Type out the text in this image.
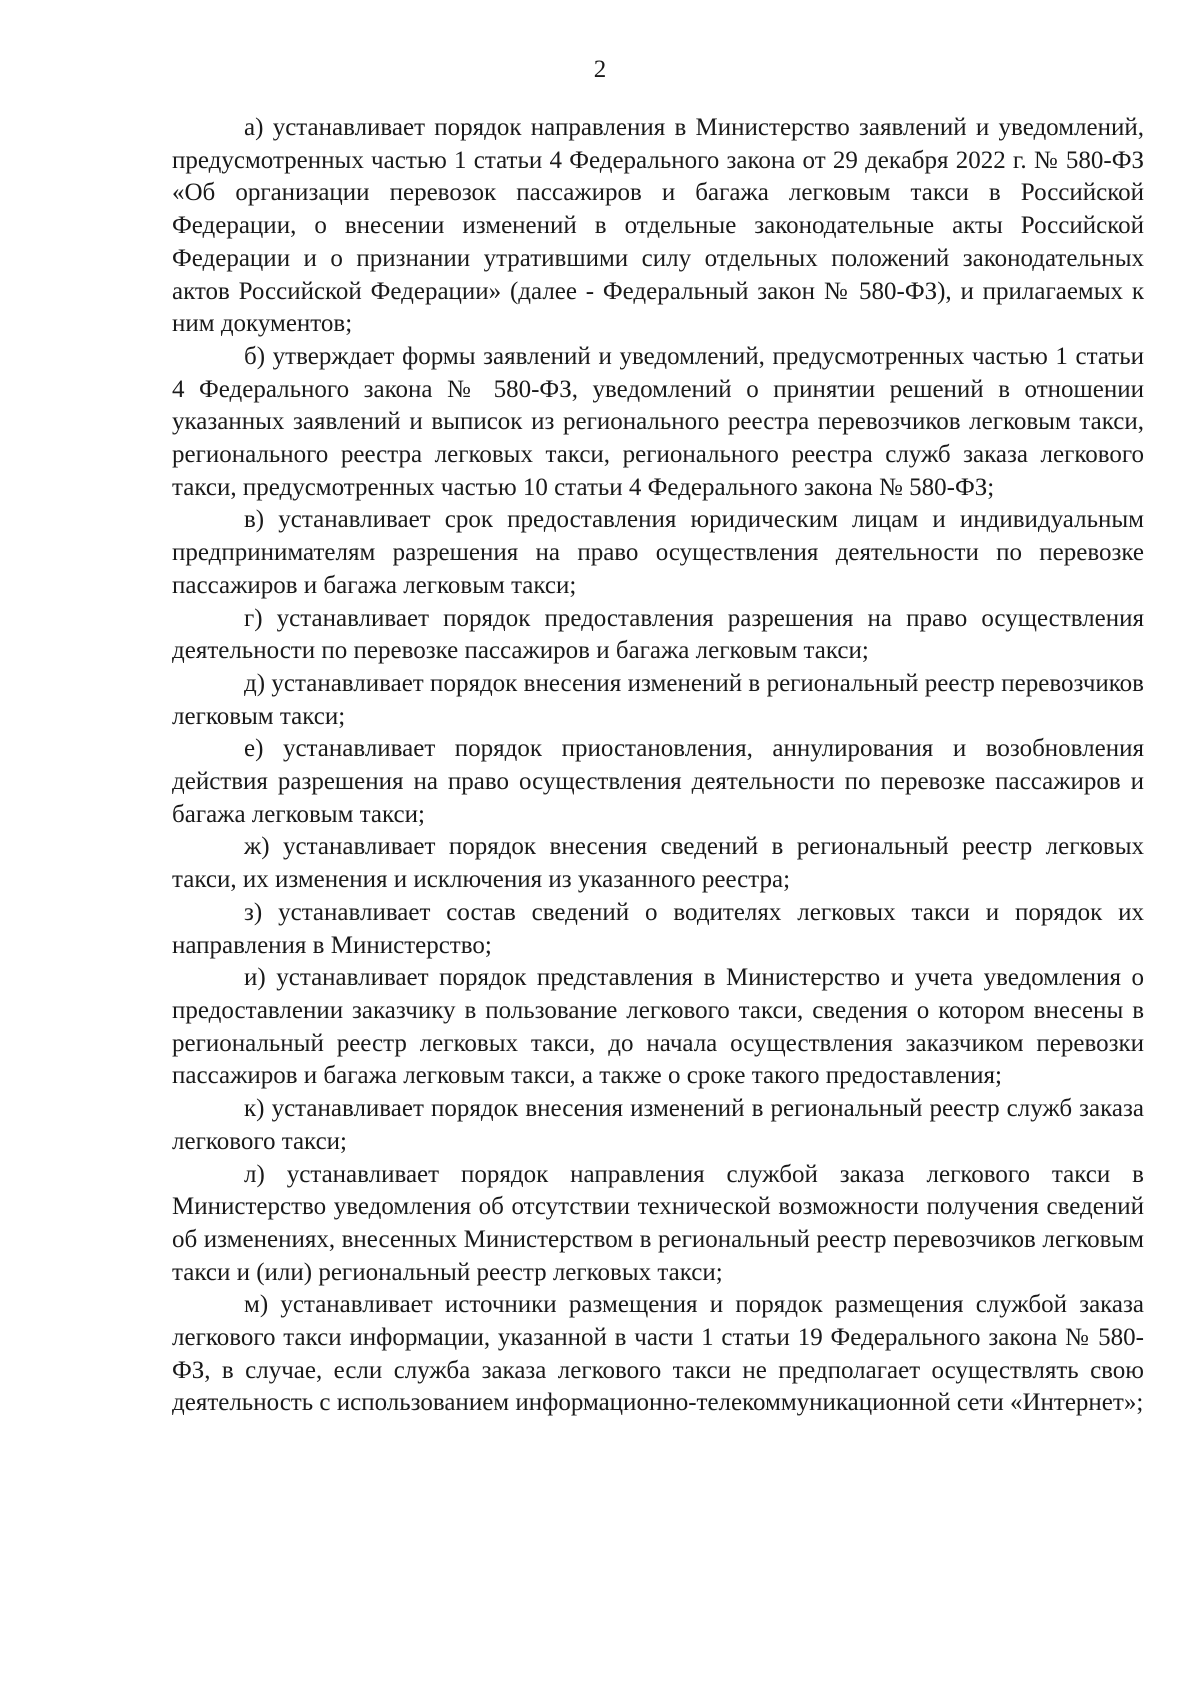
2

а) устанавливает порядок направления в Министерство заявлений и уведомлений, предусмотренных частью 1 статьи 4 Федерального закона от 29 декабря 2022 г. № 580-ФЗ «Об организации перевозок пассажиров и багажа легковым такси в Российской Федерации, о внесении изменений в отдельные законодательные акты Российской Федерации и о признании утратившими силу отдельных положений законодательных актов Российской Федерации» (далее - Федеральный закон № 580-ФЗ), и прилагаемых к ним документов;

б) утверждает формы заявлений и уведомлений, предусмотренных частью 1 статьи 4 Федерального закона № 580-ФЗ, уведомлений о принятии решений в отношении указанных заявлений и выписок из регионального реестра перевозчиков легковым такси, регионального реестра легковых такси, регионального реестра служб заказа легкового такси, предусмотренных частью 10 статьи 4 Федерального закона № 580-ФЗ;

в) устанавливает срок предоставления юридическим лицам и индивидуальным предпринимателям разрешения на право осуществления деятельности по перевозке пассажиров и багажа легковым такси;

г) устанавливает порядок предоставления разрешения на право осуществления деятельности по перевозке пассажиров и багажа легковым такси;

д) устанавливает порядок внесения изменений в региональный реестр перевозчиков легковым такси;

е) устанавливает порядок приостановления, аннулирования и возобновления действия разрешения на право осуществления деятельности по перевозке пассажиров и багажа легковым такси;

ж) устанавливает порядок внесения сведений в региональный реестр легковых такси, их изменения и исключения из указанного реестра;

з) устанавливает состав сведений о водителях легковых такси и порядок их направления в Министерство;

и) устанавливает порядок представления в Министерство и учета уведомления о предоставлении заказчику в пользование легкового такси, сведения о котором внесены в региональный реестр легковых такси, до начала осуществления заказчиком перевозки пассажиров и багажа легковым такси, а также о сроке такого предоставления;

к) устанавливает порядок внесения изменений в региональный реестр служб заказа легкового такси;

л) устанавливает порядок направления службой заказа легкового такси в Министерство уведомления об отсутствии технической возможности получения сведений об изменениях, внесенных Министерством в региональный реестр перевозчиков легковым такси и (или) региональный реестр легковых такси;

м) устанавливает источники размещения и порядок размещения службой заказа легкового такси информации, указанной в части 1 статьи 19 Федерального закона № 580-ФЗ, в случае, если служба заказа легкового такси не предполагает осуществлять свою деятельность с использованием информационно-телекоммуникационной сети «Интернет»;
